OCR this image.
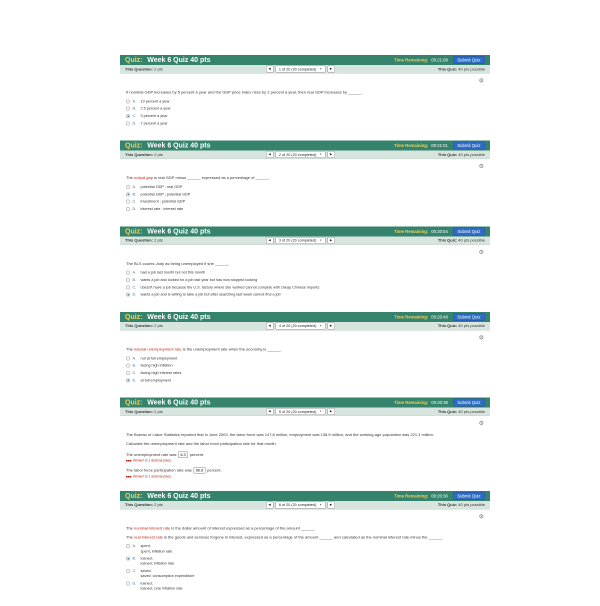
Quiz: Week 6 Quiz 40 pts	Time Remaining: 00:21:09	Submit Quiz
This Question: 2 pts	◀	1 of 20 (20 completed) ▼	▶	This Quiz: 40 pts possible
⚙
If nominal GDP increases by 5 percent a year and the GDP price index rises by 2 percent a year, then real GDP increases by ______.
A. 10 percent a year
B. 2.5 percent a year
C. 3 percent a year
D. 7 percent a year
Quiz: Week 6 Quiz 40 pts	Time Remaining: 00:21:01	Submit Quiz
This Question: 2 pts	◀	2 of 20 (20 completed) ▼	▶	This Quiz: 40 pts possible
⚙
The output gap is real GDP minus ______ expressed as a percentage of ______.
A. potential GDP ; real GDP
B. potential GDP ; potential GDP
C. investment ; potential GDP
D. interest rate ; interest rate
Quiz: Week 6 Quiz 40 pts	Time Remaining: 00:20:54	Submit Quiz
This Question: 2 pts	◀	3 of 20 (20 completed) ▼	▶	This Quiz: 40 pts possible
⚙
The BLS counts Jody as being unemployed if she ______.
A. had a job last month but not this month
B. wants a job and looked for a job last year but has now stopped looking
C. doesn't have a job because the U.S. factory where she worked cannot compete with cheap Chinese imports
D. wants a job and is willing to take a job but after searching last week cannot find a job
Quiz: Week 6 Quiz 40 pts	Time Remaining: 00:20:48	Submit Quiz
This Question: 2 pts	◀	4 of 20 (20 completed) ▼	▶	This Quiz: 40 pts possible
⚙
The natural unemployment rate is the unemployment rate when the economy is ______.
A. not at full employment
B. facing high inflation
C. facing high interest rates
D. at full employment
Quiz: Week 6 Quiz 40 pts	Time Remaining: 00:20:38	Submit Quiz
This Question: 2 pts	◀	5 of 20 (20 completed) ▼	▶	This Quiz: 40 pts possible
⚙
The Bureau of Labor Statistics reported that in June 2003, the labor force was 147.8 million, employment was 138.5 million, and the working-age population was 221.3 million.
Calculate the unemployment rate and the labor force participation rate for that month.
The unemployment rate was 6.3 percent.
▶▶▶ Answer to 1 decimal place.
The labor force participation rate was 66.8 percent.
▶▶▶ Answer to 1 decimal place.
Quiz: Week 6 Quiz 40 pts	Time Remaining: 00:20:30	Submit Quiz
This Question: 2 pts	◀	6 of 20 (20 completed) ▼	▶	This Quiz: 40 pts possible
⚙
The nominal interest rate is the dollar amount of interest expressed as a percentage of the amount ______.
The real interest rate is the goods and services forgone in interest, expressed as a percentage of the amount ______ and calculated as the nominal interest rate minus the ______.
A. spent;
spent; inflation rate
B. loaned;
loaned; inflation rate
C. saved;
saved; consumption expenditure
D. loaned;
loaned; core inflation rate
